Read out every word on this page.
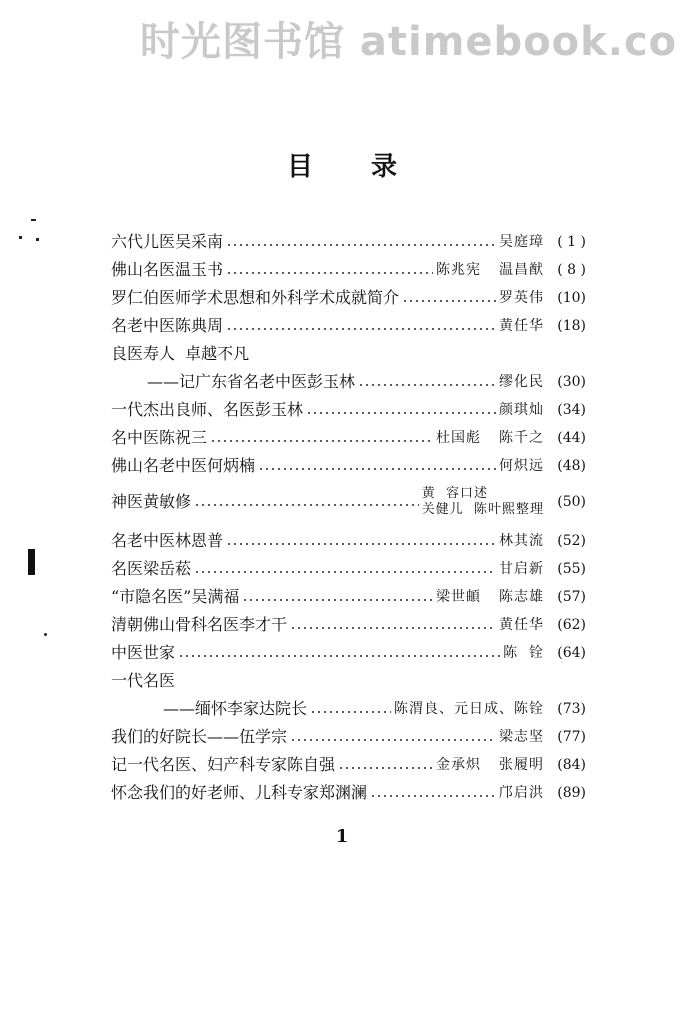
时光图书馆 atimebook.co
目录
六代儿医吴采南	吴庭璋 ( 1 )
佛山名医温玉书	陈兆宪 温昌猷 ( 8 )
罗仁伯医师学术思想和外科学术成就简介	罗英伟 (10)
名老中医陈典周	黄任华 (18)
良医寿人  卓越不凡
——记广东省名老中医彭玉林	缪化民 (30)
一代杰出良师、名医彭玉林	颜琪灿 (34)
名中医陈祝三	杜国彪 陈千之 (44)
佛山名老中医何炳楠	何炽远 (48)
神医黄敏修	黄  容口述
关健儿  陈叶熙整理 (50)
名老中医林恩普	林其流 (52)
名医梁岳菘	甘启新 (55)
“市隐名医”吴满福	梁世頔 陈志雄 (57)
清朝佛山骨科名医李才干	黄任华 (62)
中医世家	陈  铨 (64)
一代名医
——缅怀李家达院长	陈渭良、元日成、陈铨 (73)
我们的好院长——伍学宗	梁志坚 (77)
记一代名医、妇产科专家陈自强	金承炽 张履明 (84)
怀念我们的好老师、儿科专家郑渊澜	邝启洪 (89)
1
